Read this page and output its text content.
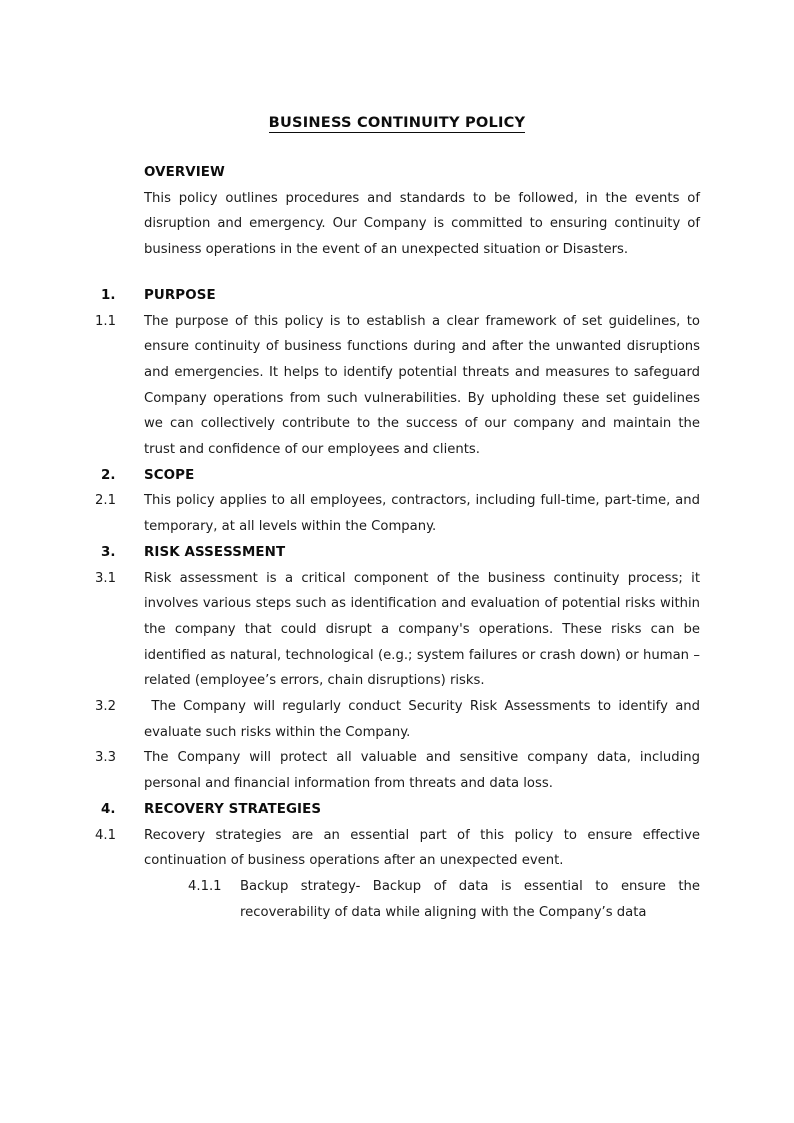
BUSINESS CONTINUITY POLICY
OVERVIEW
This policy outlines procedures and standards to be followed, in the events of disruption and emergency. Our Company is committed to ensuring continuity of business operations in the event of an unexpected situation or Disasters.
1.	PURPOSE
1.1	The purpose of this policy is to establish a clear framework of set guidelines, to ensure continuity of business functions during and after the unwanted disruptions and emergencies. It helps to identify potential threats and measures to safeguard Company operations from such vulnerabilities. By upholding these set guidelines we can collectively contribute to the success of our company and maintain the trust and confidence of our employees and clients.
2.	SCOPE
2.1	This policy applies to all employees, contractors, including full-time, part-time, and temporary, at all levels within the Company.
3.	RISK ASSESSMENT
3.1	Risk assessment is a critical component of the business continuity process; it involves various steps such as identification and evaluation of potential risks within the company that could disrupt a company's operations. These risks can be identified as natural, technological (e.g.; system failures or crash down) or human –related (employee’s errors, chain disruptions) risks.
3.2	The Company will regularly conduct Security Risk Assessments to identify and evaluate such risks within the Company.
3.3	The Company will protect all valuable and sensitive company data, including personal and financial information from threats and data loss.
4.	RECOVERY STRATEGIES
4.1	Recovery strategies are an essential part of this policy to ensure effective continuation of business operations after an unexpected event.
4.1.1	Backup strategy- Backup of data is essential to ensure the recoverability of data while aligning with the Company’s data
